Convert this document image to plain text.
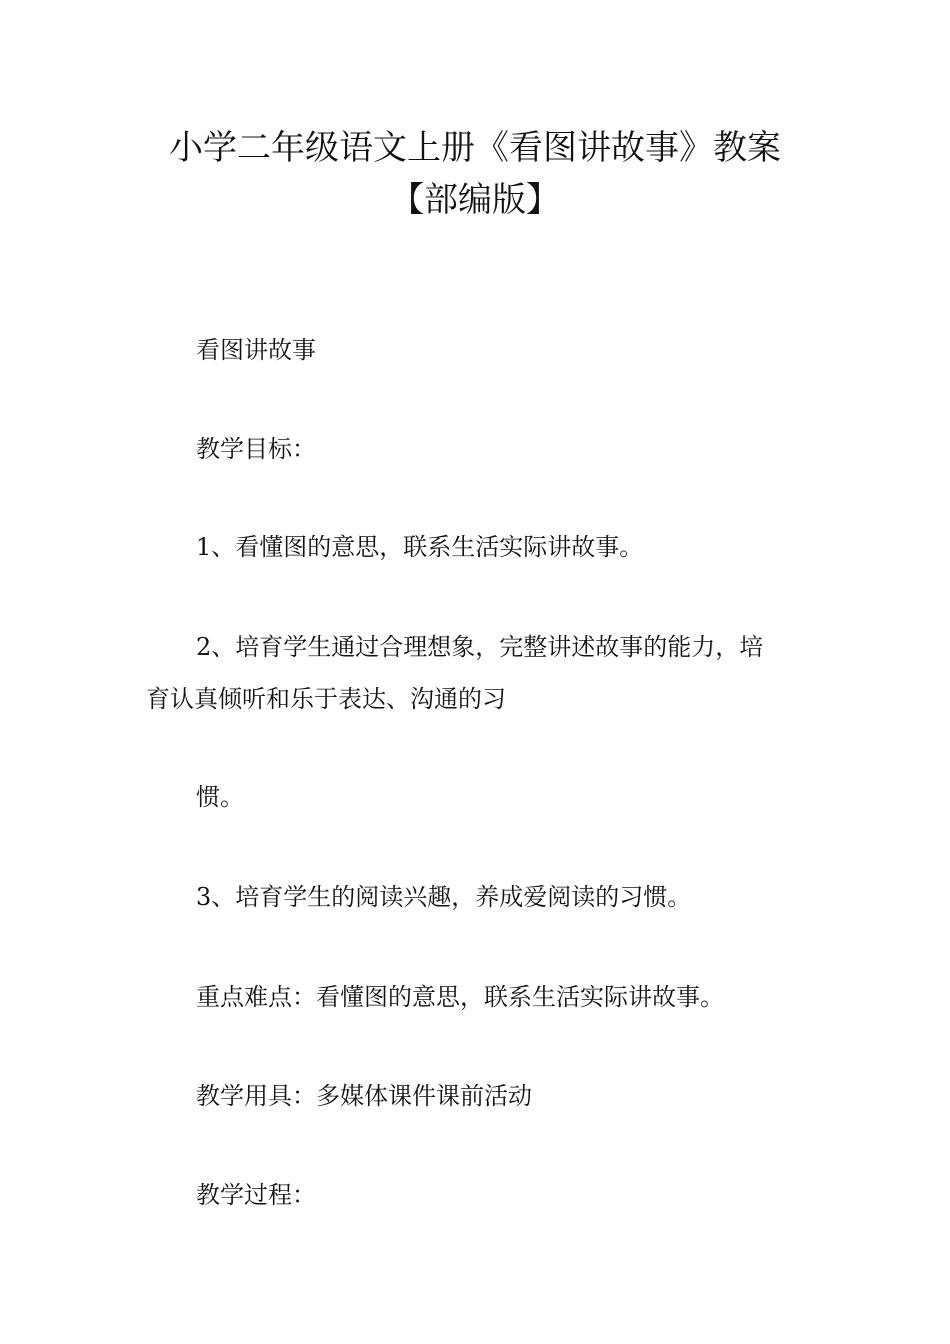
小学二年级语文上册《看图讲故事》教案
【部编版】
看图讲故事
教学目标：
1、看懂图的意思，联系生活实际讲故事。
2、培育学生通过合理想象，完整讲述故事的能力，培
育认真倾听和乐于表达、沟通的习
惯。
3、培育学生的阅读兴趣，养成爱阅读的习惯。
重点难点：看懂图的意思，联系生活实际讲故事。
教学用具：多媒体课件课前活动
教学过程：
